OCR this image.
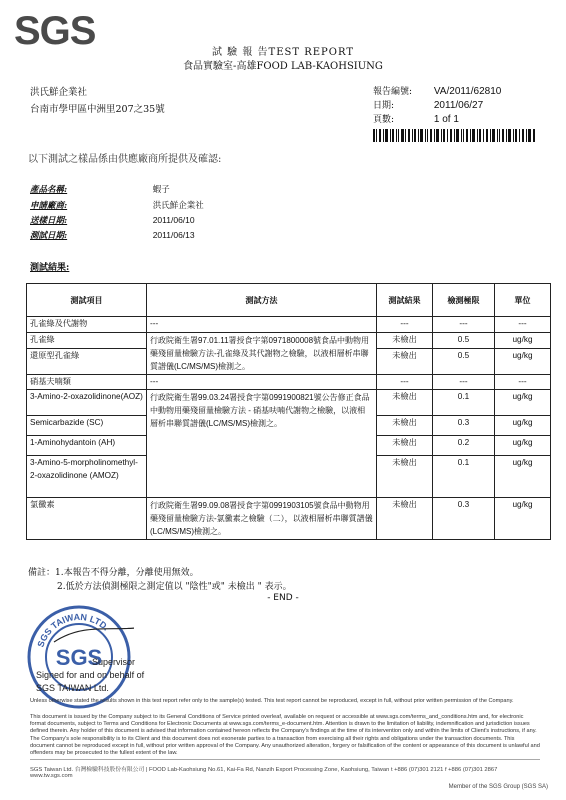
SGS	試 驗 報 告TEST REPORT
食品實驗室-高雄FOOD LAB-KAOHSIUNG
洪氏鮮企業社
台南市學甲區中洲里207之35號
報告編號: VA/2011/62810
日期:	2011/06/27
頁數:	1 of 1
以下測試之樣品係由供應廠商所提供及確認:
產品名稱:	蝦子
申請廠商:	洪氏鮮企業社
送樣日期:	2011/06/10
測試日期:	2011/06/13
測試結果:
測試項目	測試方法	測試結果	檢測極限	單位
孔雀綠及代謝物	---	---	---	---
孔雀綠	行政院衛生署97.01.11署授食字第0971800008號食品中動物用藥殘留量檢驗方法-孔雀綠及其代謝物之檢驗，以液相層析串聯質譜儀(LC/MS/MS)檢測之。	未檢出	0.5	ug/kg
還原型孔雀綠		未檢出	0.5	ug/kg
硝基夫喃類	---	---	---	---
3-Amino-2-oxazolidinone(AOZ)	行政院衛生署99.03.24署授食字第0991900821號公告修正食品中動物用藥殘留量檢驗方法 - 硝基呋喃代謝物之檢驗，以液相層析串聯質譜儀(LC/MS/MS)檢測之。	未檢出	0.1	ug/kg
Semicarbazide (SC)		未檢出	0.3	ug/kg
1-Aminohydantoin (AH)		未檢出	0.2	ug/kg
3-Amino-5-morpholinomethyl-2-oxazolidinone (AMOZ)		未檢出	0.1	ug/kg
氯黴素	行政院衛生署99.09.08署授食字第0991903105號食品中動物用藥殘留量檢驗方法-氯黴素之檢驗（二），以液相層析串聯質譜儀(LC/MS/MS)檢測之。	未檢出	0.3	ug/kg
備註：1.本報告不得分離，分離使用無效。
2.低於方法偵測極限之測定值以 "陰性"或" 未檢出 " 表示。
- END -
SGS TAIWAN LTD.
SGS
Supervisor
Signed for and on behalf of
SGS TAIWAN Ltd.
Unless otherwise stated the results shown in this test report refer only to the sample(s) tested. This test report cannot be reproduced, except in full, without prior written permission of the Company.
This document is issued by the Company subject to its General Conditions of Service printed overleaf, available on request or accessible at www.sgs.com/terms_and_conditions.htm and, for electronic format documents, subject to Terms and Conditions for Electronic Documents at www.sgs.com/terms_e-document.htm. Attention is drawn to the limitation of liability, indemnification and jurisdiction issues defined therein. Any holder of this document is advised that information contained hereon reflects the Company's findings at the time of its intervention only and within the limits of Client's instructions, if any. The Company's sole responsibility is to its Client and this document does not exonerate parties to a transaction from exercising all their rights and obligations under the transaction documents. This document cannot be reproduced except in full, without prior written approval of the Company. Any unauthorized alteration, forgery or falsification of the content or appearance of this document is unlawful and offenders may be prosecuted to the fullest extent of the law.
SGS Taiwan Ltd. 台灣檢驗科技股份有限公司 | FOOD Lab-Kaohsiung No.61, Kai-Fa Rd, Nanzih Export Processing Zone, Kaohsiung, Taiwan t +886 (07)301 2121 f +886 (07)301 2867 www.tw.sgs.com
Member of the SGS Group (SGS SA)
